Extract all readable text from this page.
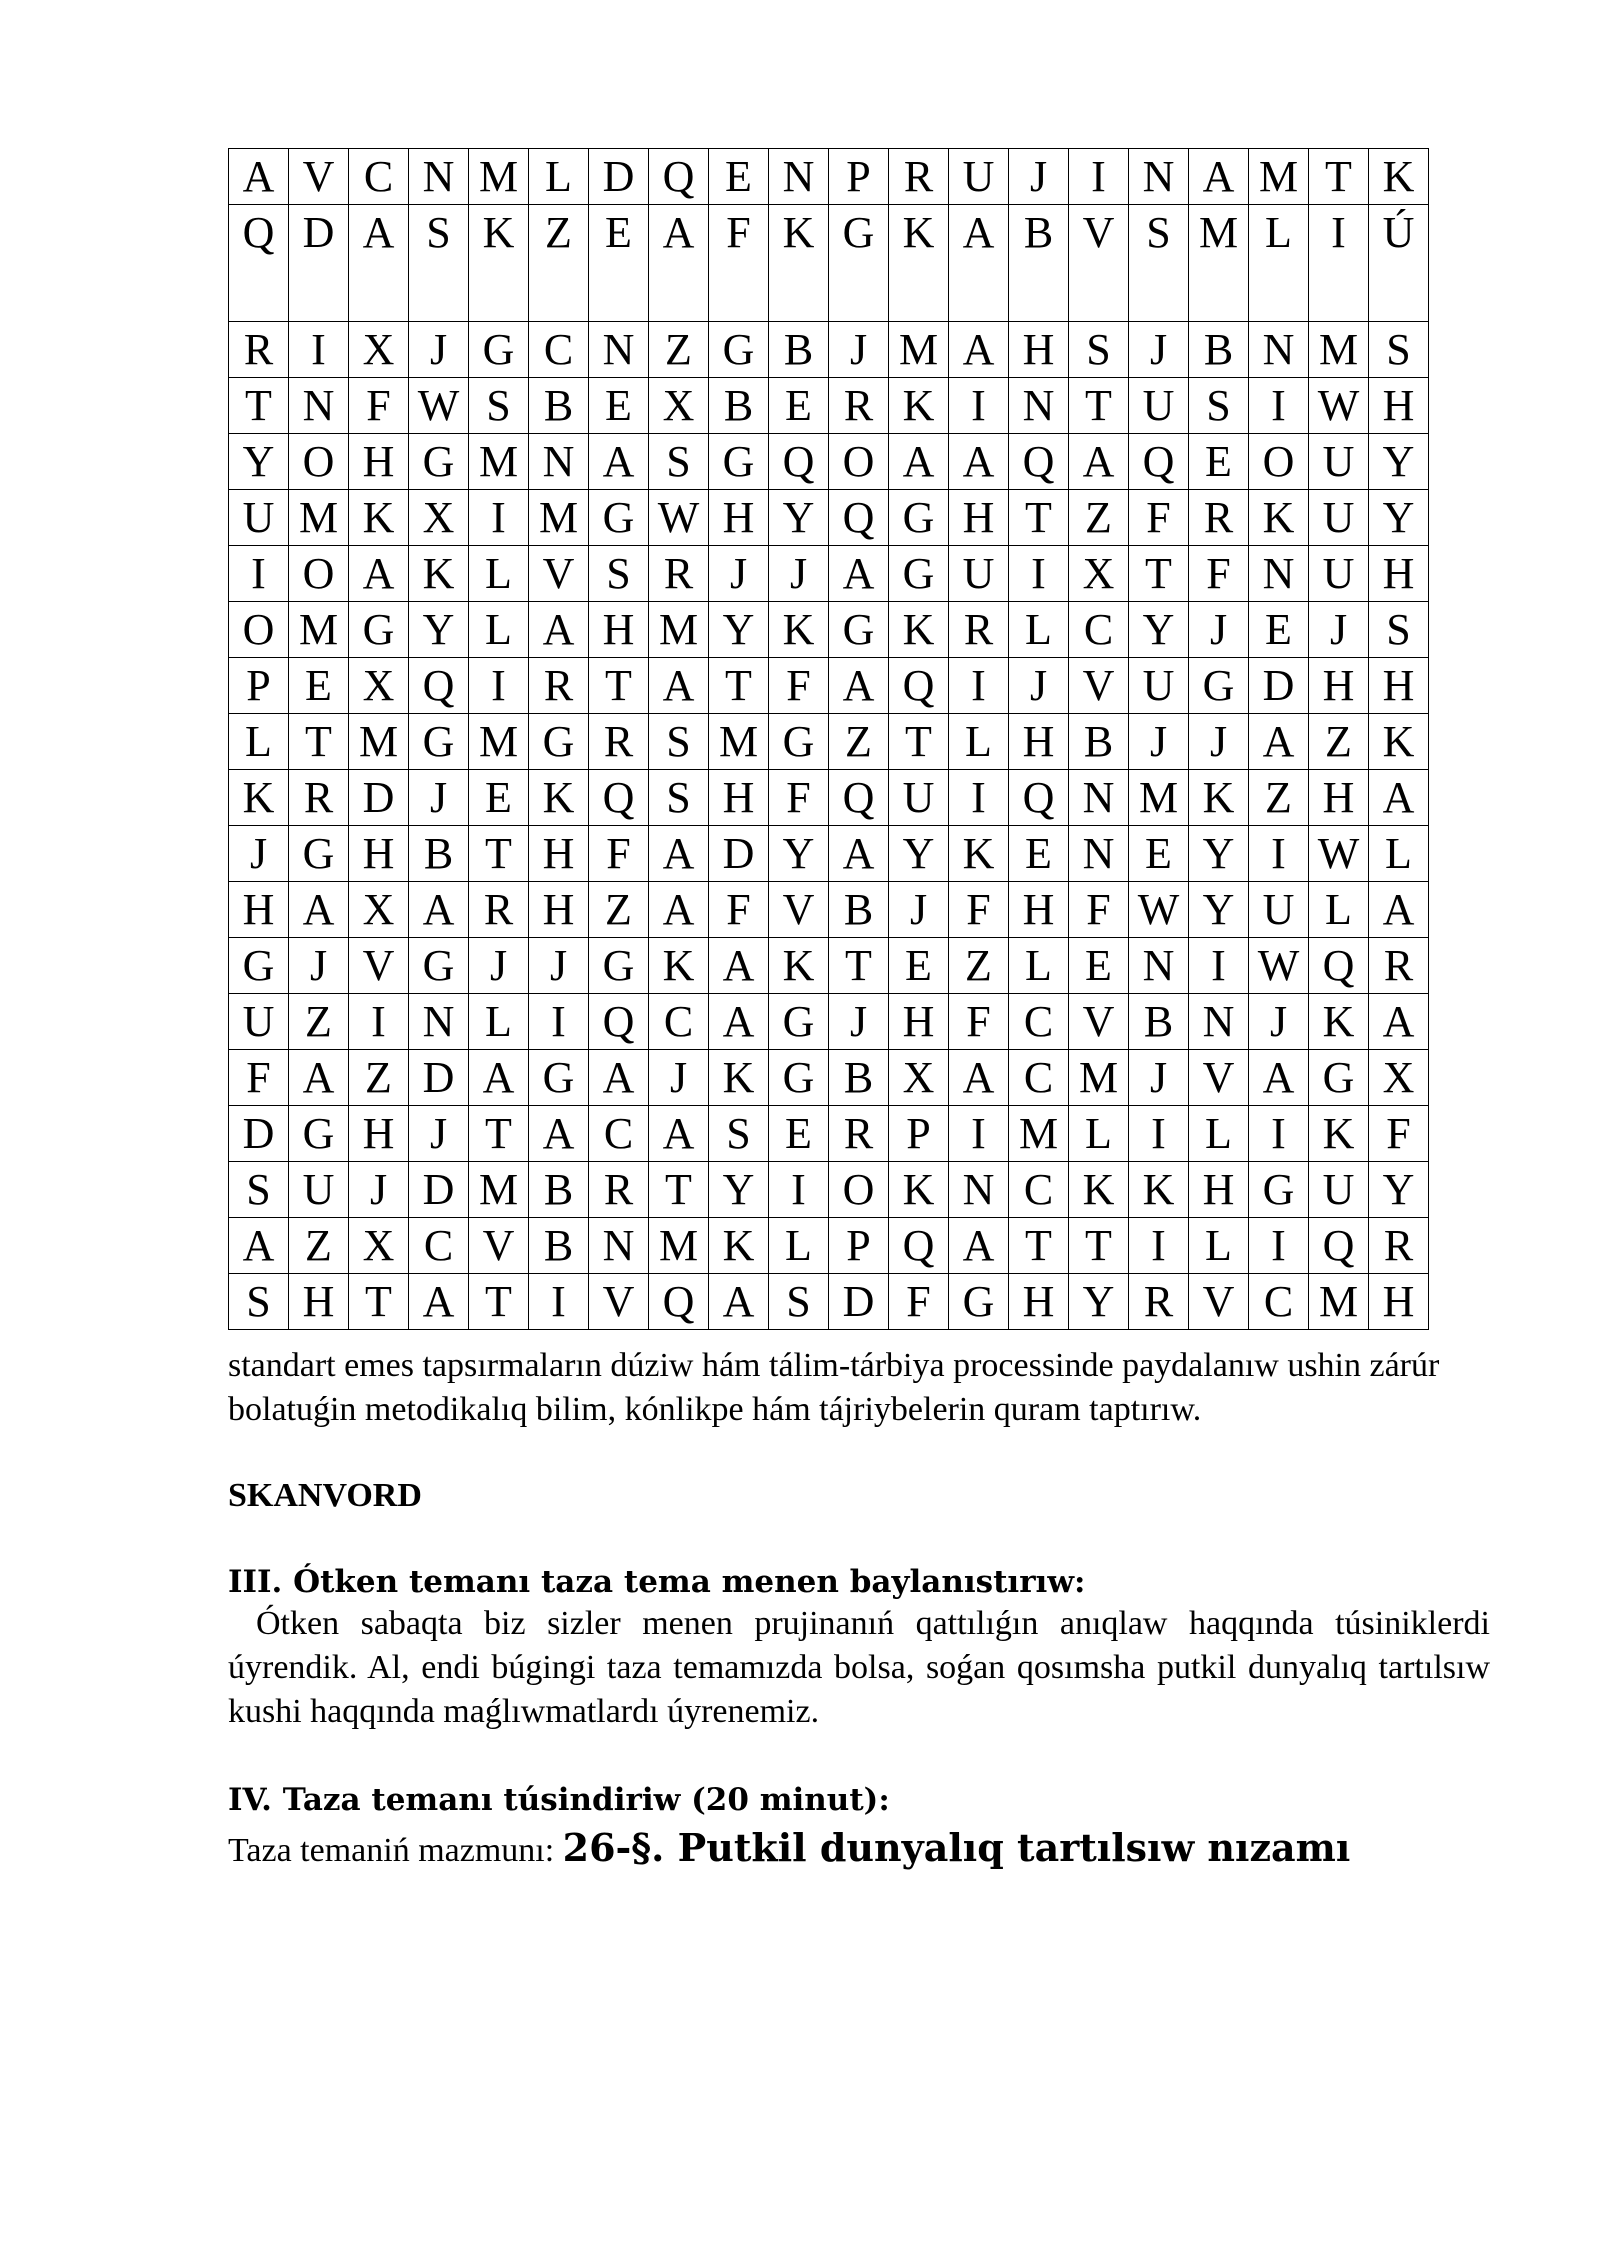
A	V	C	N	M	L	D	Q	E	N	P	R	U	J	I	N	A	M	T	K
Q	D	A	S	K	Z	E	A	F	K	G	K	A	B	V	S	M	L	I	Ú
R	I	X	J	G	C	N	Z	G	B	J	M	A	H	S	J	B	N	M	S
T	N	F	W	S	B	E	X	B	E	R	K	I	N	T	U	S	I	W	H
Y	O	H	G	M	N	A	S	G	Q	O	A	A	Q	A	Q	E	O	U	Y
U	M	K	X	I	M	G	W	H	Y	Q	G	H	T	Z	F	R	K	U	Y
I	O	A	K	L	V	S	R	J	J	A	G	U	I	X	T	F	N	U	H
O	M	G	Y	L	A	H	M	Y	K	G	K	R	L	C	Y	J	E	J	S
P	E	X	Q	I	R	T	A	T	F	A	Q	I	J	V	U	G	D	H	H
L	T	M	G	M	G	R	S	M	G	Z	T	L	H	B	J	J	A	Z	K
K	R	D	J	E	K	Q	S	H	F	Q	U	I	Q	N	M	K	Z	H	A
J	G	H	B	T	H	F	A	D	Y	A	Y	K	E	N	E	Y	I	W	L
H	A	X	A	R	H	Z	A	F	V	B	J	F	H	F	W	Y	U	L	A
G	J	V	G	J	J	G	K	A	K	T	E	Z	L	E	N	I	W	Q	R
U	Z	I	N	L	I	Q	C	A	G	J	H	F	C	V	B	N	J	K	A
F	A	Z	D	A	G	A	J	K	G	B	X	A	C	M	J	V	A	G	X
D	G	H	J	T	A	C	A	S	E	R	P	I	M	L	I	L	I	K	F
S	U	J	D	M	B	R	T	Y	I	O	K	N	C	K	K	H	G	U	Y
A	Z	X	C	V	B	N	M	K	L	P	Q	A	T	T	I	L	I	Q	R
S	H	T	A	T	I	V	Q	A	S	D	F	G	H	Y	R	V	C	M	H
standart emes tapsırmaların dúziw hám tálim-tárbiya processinde paydalanıw ushin zárúr bolatuǵin metodikalıq bilim, kónlikpe hám tájriybelerin quram taptırıw.
SKANVORD
III. Ótken temanı taza tema menen baylanıstırıw:
Ótken sabaqta biz sizler menen prujinanıń qattılıǵın anıqlaw haqqında túsiniklerdi úyrendik. Al, endi búgingi taza temamızda bolsa, soǵan qosımsha putkil dunyalıq tartılsıw kushi haqqında maǵlıwmatlardı úyrenemiz.
IV. Taza temanı túsindiriw (20 minut):
Taza temaniń mazmunı: 26-§. Putkil dunyalıq tartılsıw nızamı
